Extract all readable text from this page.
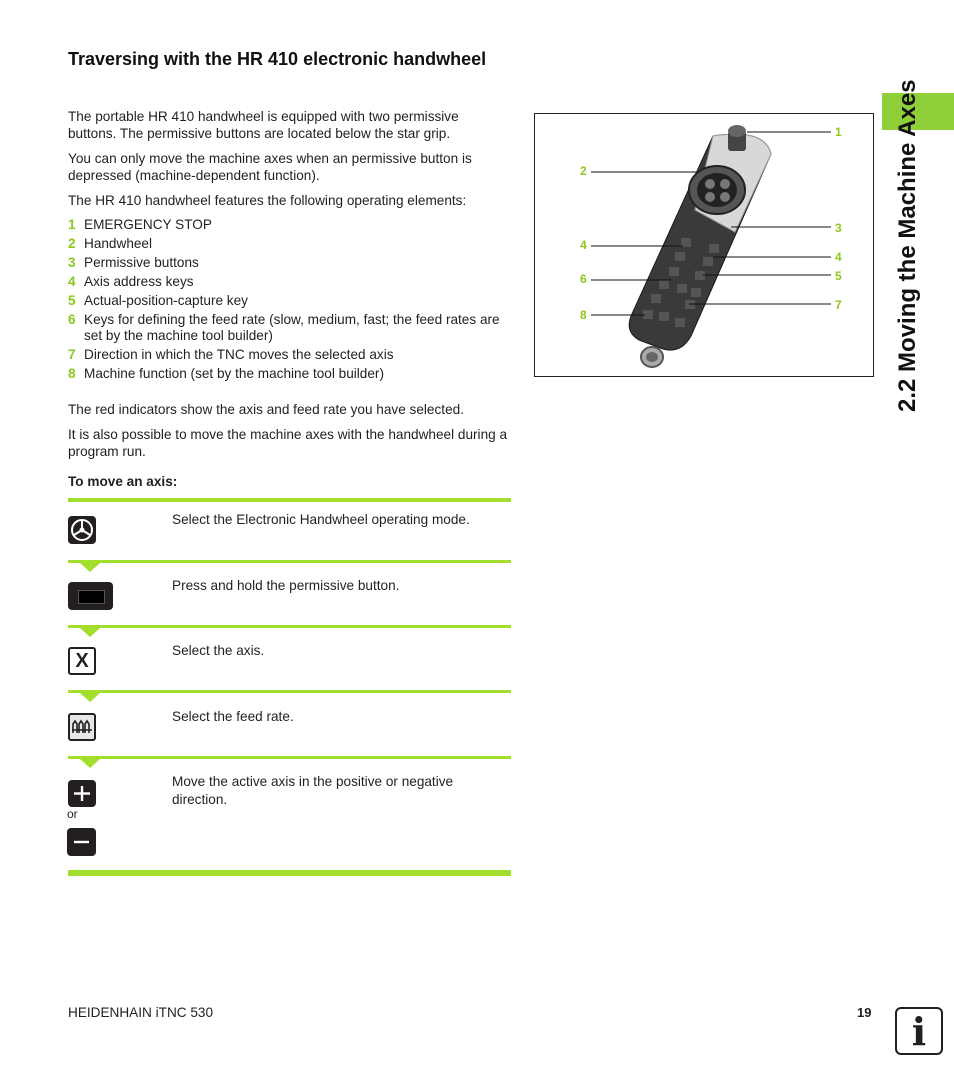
Traversing with the HR 410 electronic handwheel

The portable HR 410 handwheel is equipped with two permissive buttons. The permissive buttons are located below the star grip.

You can only move the machine axes when an permissive button is depressed (machine-dependent function).

The HR 410 handwheel features the following operating elements:

1 EMERGENCY STOP
2 Handwheel
3 Permissive buttons
4 Axis address keys
5 Actual-position-capture key
6 Keys for defining the feed rate (slow, medium, fast; the feed rates are set by the machine tool builder)
7 Direction in which the TNC moves the selected axis
8 Machine function (set by the machine tool builder)

The red indicators show the axis and feed rate you have selected.

It is also possible to move the machine axes with the handwheel during a program run.

To move an axis:

Select the Electronic Handwheel operating mode.

Press and hold the permissive button.

X	Select the axis.

Select the feed rate.

or

Move the active axis in the positive or negative direction.

2
4
6
8
1
3
4
5
7 2.2 Moving the Machine Axes
HEIDENHAIN iTNC 530	19	i
